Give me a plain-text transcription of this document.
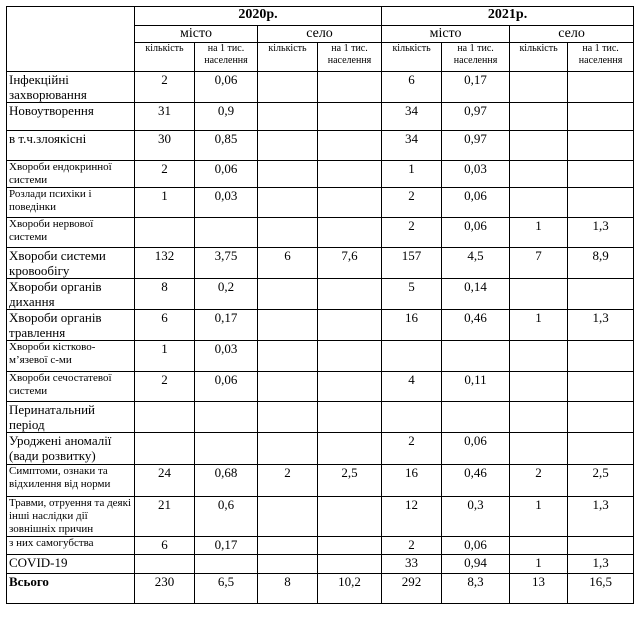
	2020р.				2021р.			
	місто		село		місто		село	
	кількість	на 1 тис. населення	кількість	на 1 тис. населення	кількість	на 1 тис. населення	кількість	на 1 тис. населення
Інфекційні захворювання	2	0,06			6	0,17		
Новоутворення	31	0,9			34	0,97		
в т.ч.злоякісні	30	0,85			34	0,97		
Хвороби ендокринної системи	2	0,06			1	0,03		
Розлади психіки і поведінки	1	0,03			2	0,06		
Хвороби нервової системи					2	0,06	1	1,3
Хвороби системи кровообігу	132	3,75	6	7,6	157	4,5	7	8,9
Хвороби органів дихання	8	0,2			5	0,14		
Хвороби органів травлення	6	0,17			16	0,46	1	1,3
Хвороби кістково-м’язевої с-ми	1	0,03						
Хвороби сечостатевої системи	2	0,06			4	0,11		
Перинатальний період								
Уроджені аномалії (вади розвитку)					2	0,06		
Симптоми, ознаки та відхилення від норми	24	0,68	2	2,5	16	0,46	2	2,5
Травми, отруення та деякі інші наслідки дії зовнішніх причин	21	0,6			12	0,3	1	1,3
з них самогубства	6	0,17			2	0,06		
COVID-19					33	0,94	1	1,3
Всього	230	6,5	8	10,2	292	8,3	13	16,5
